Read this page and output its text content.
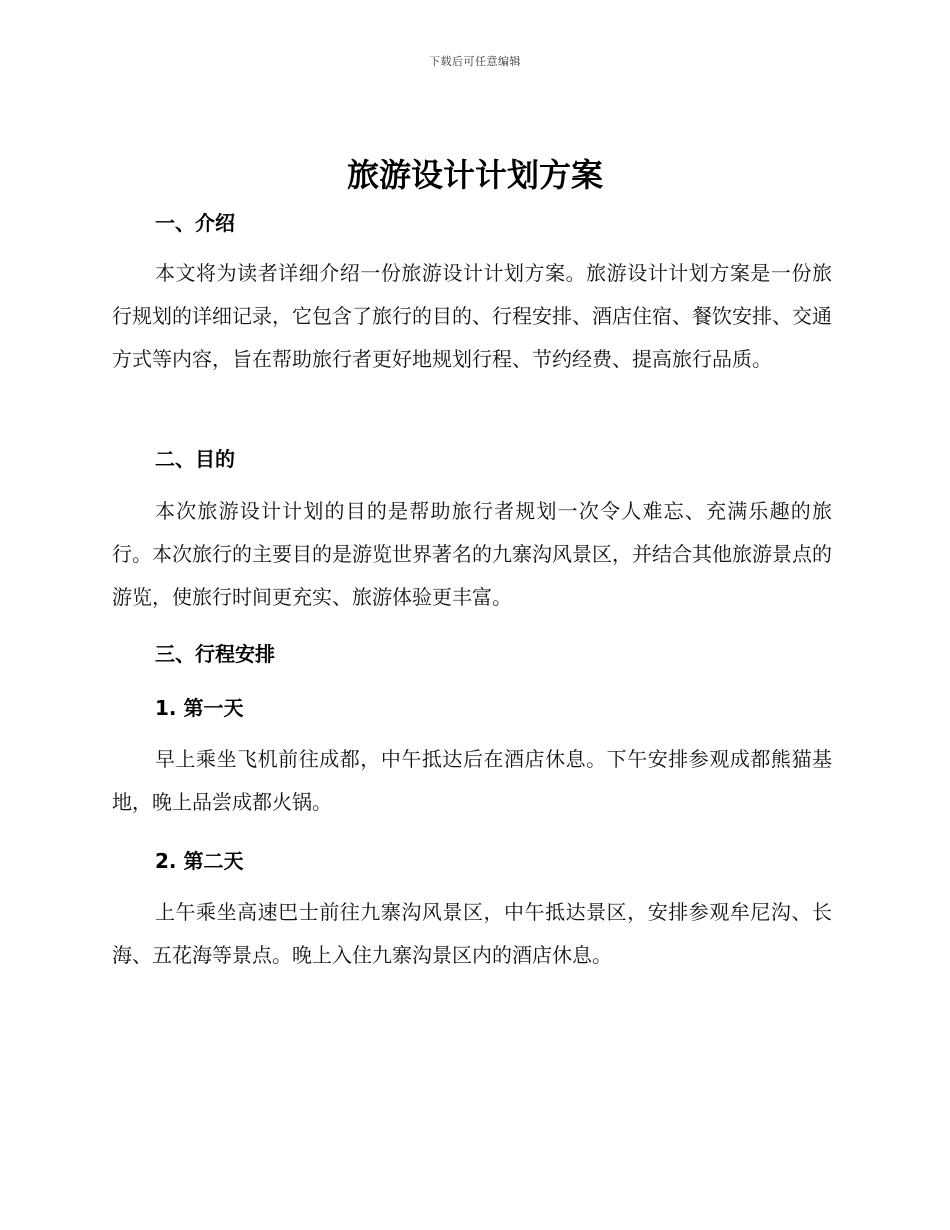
下载后可任意编辑
旅游设计计划方案
一、介绍

本文将为读者详细介绍一份旅游设计计划方案。旅游设计计划方案是一份旅行规划的详细记录，它包含了旅行的目的、行程安排、酒店住宿、餐饮安排、交通方式等内容，旨在帮助旅行者更好地规划行程、节约经费、提高旅行品质。

二、目的

本次旅游设计计划的目的是帮助旅行者规划一次令人难忘、充满乐趣的旅行。本次旅行的主要目的是游览世界著名的九寨沟风景区，并结合其他旅游景点的游览，使旅行时间更充实、旅游体验更丰富。

三、行程安排
1. 第一天

早上乘坐飞机前往成都，中午抵达后在酒店休息。下午安排参观成都熊猫基地，晚上品尝成都火锅。

2. 第二天

上午乘坐高速巴士前往九寨沟风景区，中午抵达景区，安排参观牟尼沟、长海、五花海等景点。晚上入住九寨沟景区内的酒店休息。
